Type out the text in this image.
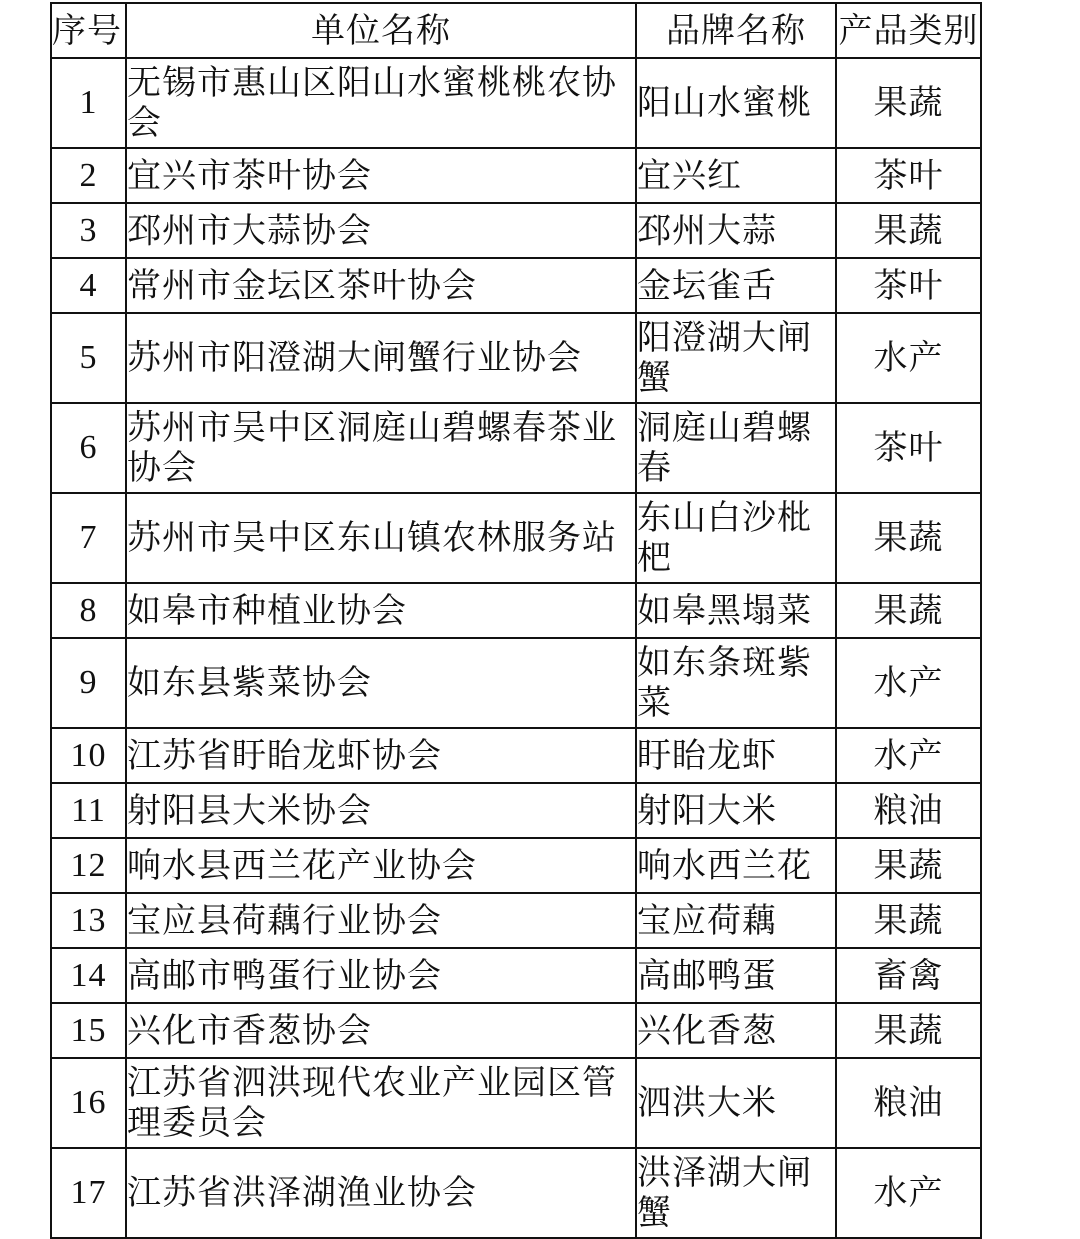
序号	单位名称	品牌名称	产品类别
1	无锡市惠山区阳山水蜜桃桃农协会	阳山水蜜桃	果蔬
2	宜兴市茶叶协会	宜兴红	茶叶
3	邳州市大蒜协会	邳州大蒜	果蔬
4	常州市金坛区茶叶协会	金坛雀舌	茶叶
5	苏州市阳澄湖大闸蟹行业协会	阳澄湖大闸蟹	水产
6	苏州市吴中区洞庭山碧螺春茶业协会	洞庭山碧螺春	茶叶
7	苏州市吴中区东山镇农林服务站	东山白沙枇杷	果蔬
8	如皋市种植业协会	如皋黑塌菜	果蔬
9	如东县紫菜协会	如东条斑紫菜	水产
10	江苏省盱眙龙虾协会	盱眙龙虾	水产
11	射阳县大米协会	射阳大米	粮油
12	响水县西兰花产业协会	响水西兰花	果蔬
13	宝应县荷藕行业协会	宝应荷藕	果蔬
14	高邮市鸭蛋行业协会	高邮鸭蛋	畜禽
15	兴化市香葱协会	兴化香葱	果蔬
16	江苏省泗洪现代农业产业园区管理委员会	泗洪大米	粮油
17	江苏省洪泽湖渔业协会	洪泽湖大闸蟹	水产
